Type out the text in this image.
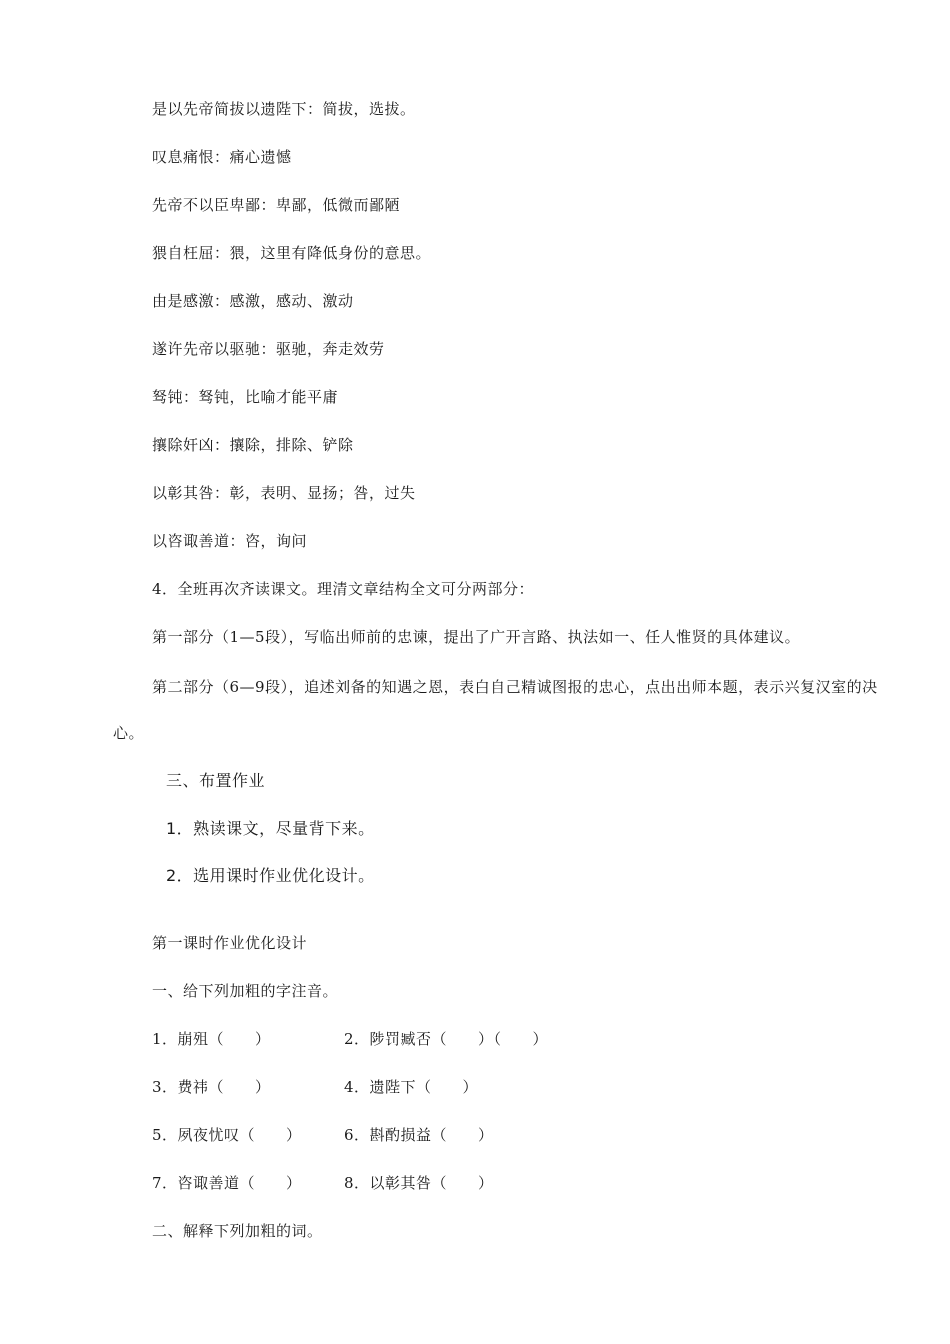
是以先帝简拔以遗陛下：简拔，选拔。
叹息痛恨：痛心遗憾
先帝不以臣卑鄙：卑鄙，低微而鄙陋
猥自枉屈：猥，这里有降低身份的意思。
由是感激：感激，感动、激动
遂许先帝以驱驰：驱驰，奔走效劳
驽钝：驽钝，比喻才能平庸
攘除奸凶：攘除，排除、铲除
以彰其咎：彰，表明、显扬；咎，过失
以咨诹善道：咨，询问
4．全班再次齐读课文。理清文章结构全文可分两部分：
第一部分（1—5段），写临出师前的忠谏，提出了广开言路、执法如一、任人惟贤的具体建议。
第二部分（6—9段），追述刘备的知遇之恩，表白自己精诚图报的忠心，点出出师本题，表示兴复汉室的决心。
三、布置作业
1．熟读课文，尽量背下来。
2．选用课时作业优化设计。
第一课时作业优化设计
一、给下列加粗的字注音。
1．崩殂（　　）	2．陟罚臧否（　　）（　　）
3．费祎（　　）	4．遗陛下（　　）
5．夙夜忧叹（　　）	6．斟酌损益（　　）
7．咨诹善道（　　）	8．以彰其咎（　　）
二、解释下列加粗的词。
